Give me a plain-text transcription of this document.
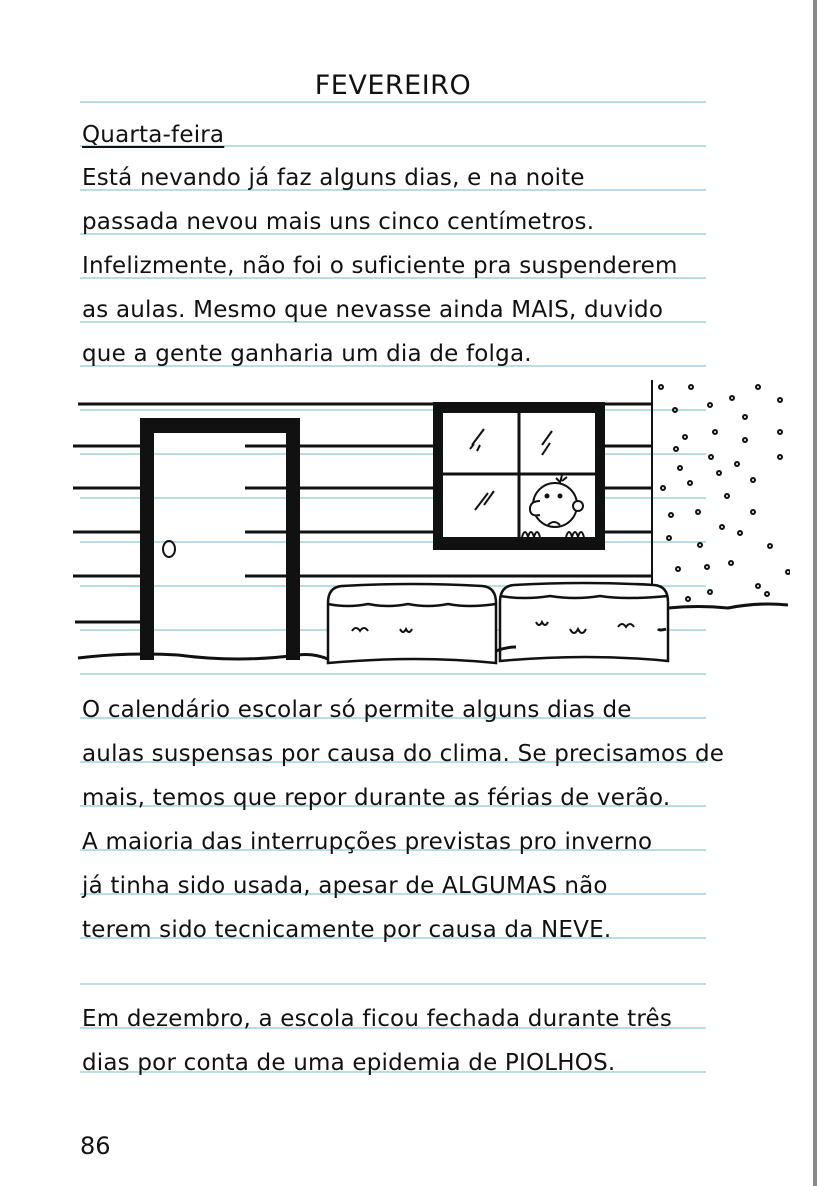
FEVEREIRO
Quarta-feira
Está nevando já faz alguns dias, e na noite
passada nevou mais uns cinco centímetros.
Infelizmente, não foi o suficiente pra suspenderem
as aulas. Mesmo que nevasse ainda MAIS, duvido
que a gente ganharia um dia de folga.
O calendário escolar só permite alguns dias de
aulas suspensas por causa do clima. Se precisamos de
mais, temos que repor durante as férias de verão.
A maioria das interrupções previstas pro inverno
já tinha sido usada, apesar de ALGUMAS não
terem sido tecnicamente por causa da NEVE.
Em dezembro, a escola ficou fechada durante três
dias por conta de uma epidemia de PIOLHOS.
86
